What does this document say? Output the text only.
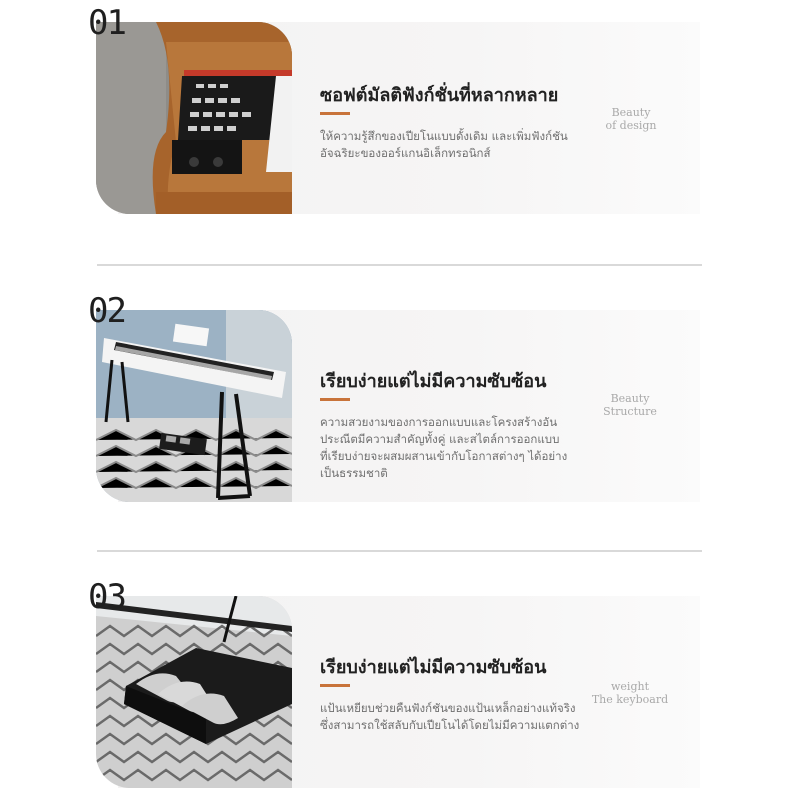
01
ซอฟต์มัลติฟังก์ชั่นที่หลากหลาย
ให้ความรู้สึกของเปียโนแบบดั้งเดิม และเพิ่มฟังก์ชัน
อัจฉริยะของออร์แกนอิเล็กทรอนิกส์
Beauty
of design
02
เรียบง่ายแต่ไม่มีความซับซ้อน
ความสวยงามของการออกแบบและโครงสร้างอัน
ประณีตมีความสำคัญทั้งคู่ และสไตล์การออกแบบ
ที่เรียบง่ายจะผสมผสานเข้ากับโอกาสต่างๆ ได้อย่าง
เป็นธรรมชาติ
Beauty
Structure
03
เรียบง่ายแต่ไม่มีความซับซ้อน
แป้นเหยียบช่วยคืนฟังก์ชันของแป้นเหล็กอย่างแท้จริง
ซึ่งสามารถใช้สลับกับเปียโนได้โดยไม่มีความแตกต่าง
weight
The keyboard
